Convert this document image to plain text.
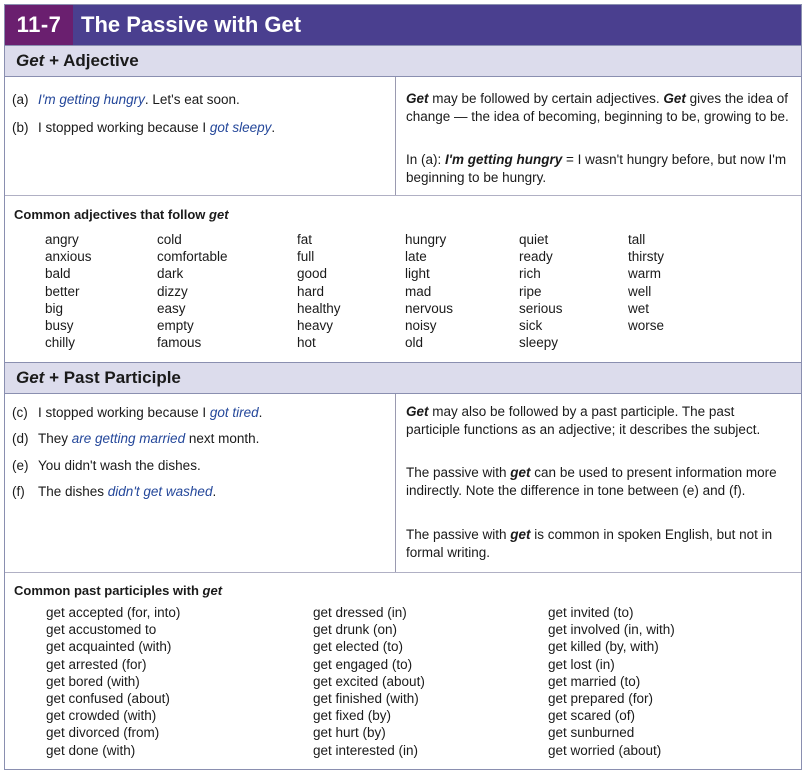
11-7 The Passive with Get
Get + Adjective
(a) I'm getting hungry. Let's eat soon.
(b) I stopped working because I got sleepy.
Get may be followed by certain adjectives. Get gives the idea of change — the idea of becoming, beginning to be, growing to be.
In (a): I'm getting hungry = I wasn't hungry before, but now I'm beginning to be hungry.
Common adjectives that follow get
angry
anxious
bald
better
big
busy
chilly
cold
comfortable
dark
dizzy
easy
empty
famous
fat
full
good
hard
healthy
heavy
hot
hungry
late
light
mad
nervous
noisy
old
quiet
ready
rich
ripe
serious
sick
sleepy
tall
thirsty
warm
well
wet
worse
Get + Past Participle
(c) I stopped working because I got tired.
(d) They are getting married next month.
(e) You didn't wash the dishes.
(f) The dishes didn't get washed.
Get may also be followed by a past participle. The past participle functions as an adjective; it describes the subject.
The passive with get can be used to present information more indirectly. Note the difference in tone between (e) and (f).
The passive with get is common in spoken English, but not in formal writing.
Common past participles with get
get accepted (for, into)
get accustomed to
get acquainted (with)
get arrested (for)
get bored (with)
get confused (about)
get crowded (with)
get divorced (from)
get done (with)
get dressed (in)
get drunk (on)
get elected (to)
get engaged (to)
get excited (about)
get finished (with)
get fixed (by)
get hurt (by)
get interested (in)
get invited (to)
get involved (in, with)
get killed (by, with)
get lost (in)
get married (to)
get prepared (for)
get scared (of)
get sunburned
get worried (about)
